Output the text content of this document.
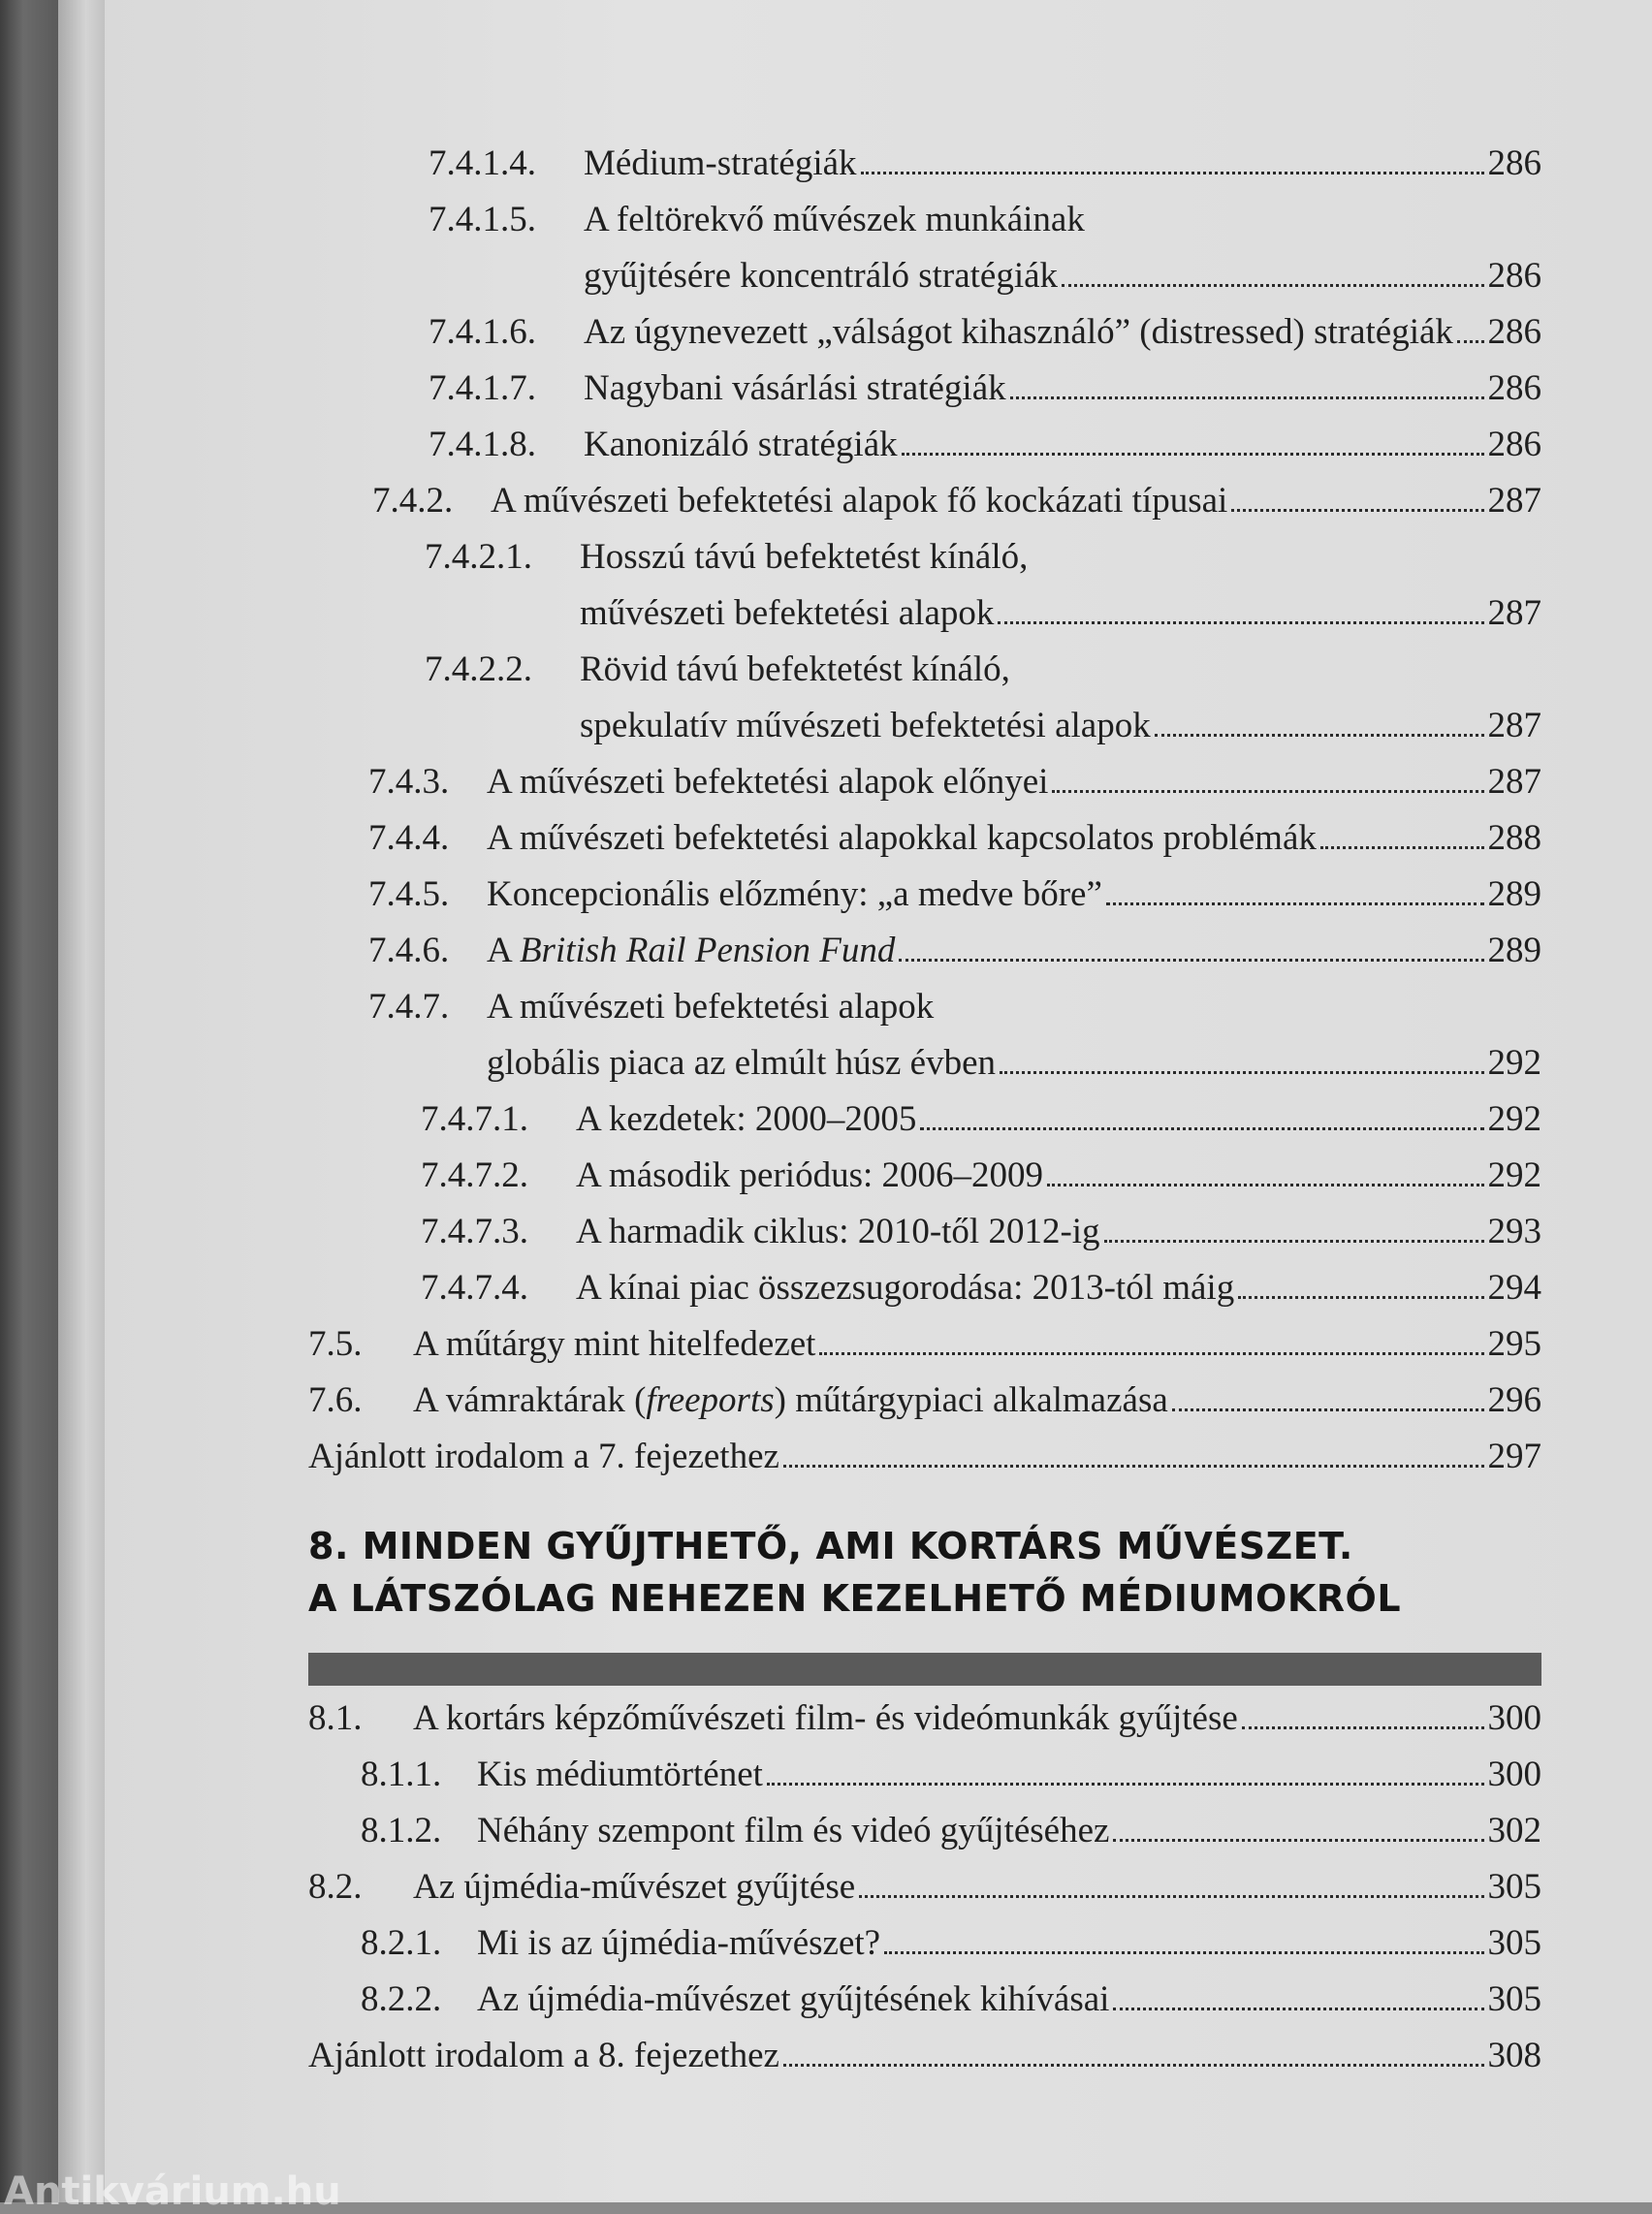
7.4.1.4.	Médium-stratégiák	286
7.4.1.5.	A feltörekvő művészek munkáinak
gyűjtésére koncentráló stratégiák	286
7.4.1.6.	Az úgynevezett „válságot kihasználó” (distressed) stratégiák 286
7.4.1.7.	Nagybani vásárlási stratégiák	286
7.4.1.8.	Kanonizáló stratégiák	286
7.4.2.	A művészeti befektetési alapok fő kockázati típusai	287
7.4.2.1.	Hosszú távú befektetést kínáló,
művészeti befektetési alapok	287
7.4.2.2.	Rövid távú befektetést kínáló,
spekulatív művészeti befektetési alapok	287
7.4.3.	A művészeti befektetési alapok előnyei	287
7.4.4.	A művészeti befektetési alapokkal kapcsolatos problémák	288
7.4.5.	Koncepcionális előzmény: „a medve bőre”	289
7.4.6.	A British Rail Pension Fund	289
7.4.7.	A művészeti befektetési alapok
globális piaca az elmúlt húsz évben	292
7.4.7.1.	A kezdetek: 2000–2005	292
7.4.7.2.	A második periódus: 2006–2009	292
7.4.7.3.	A harmadik ciklus: 2010-től 2012-ig	293
7.4.7.4.	A kínai piac összezsugorodása: 2013-tól máig	294
7.5.	A műtárgy mint hitelfedezet	295
7.6.	A vámraktárak (freeports) műtárgypiaci alkalmazása	296
Ajánlott irodalom a 7. fejezethez	297
8. MINDEN GYŰJTHETŐ, AMI KORTÁRS MŰVÉSZET.
A LÁTSZÓLAG NEHEZEN KEZELHETŐ MÉDIUMOKRÓL
8.1.	A kortárs képzőművészeti film- és videómunkák gyűjtése	300
8.1.1. Kis médiumtörténet	300
8.1.2. Néhány szempont film és videó gyűjtéséhez	302
8.2.	Az újmédia-művészet gyűjtése	305
8.2.1. Mi is az újmédia-művészet?	305
8.2.2. Az újmédia-művészet gyűjtésének kihívásai	305
Ajánlott irodalom a 8. fejezethez	308
Antikvárium.hu
